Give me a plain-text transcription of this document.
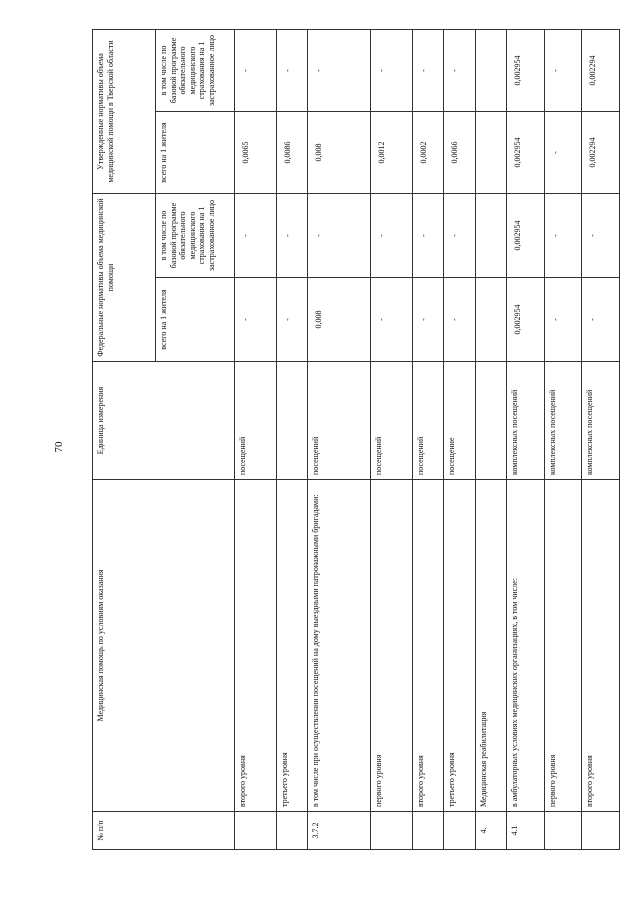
70
№ п/п	Медицинская помощь по условиям оказания	Единица измерения	Федеральные нормативы объема медицинской помощи		Утвержденные нормативы объема медицинской помощи в Тверской области	
			всего на 1 жителя	в том числе по базовой программе обязательного медицинского страхования на 1 застрахованное лицо	всего на 1 жителя	в том числе по базовой программе обязательного медицинского страхования на 1 застрахованное лицо
	второго уровня	посещений	-	-	0,0065	-
	третьего уровня		-	-	0,0086	-
3.7.2	в том числе при осуществлении посещений на дому выездными патронажными бригадами:	посещений	0,008	-	0,008	-
	первого уровня	посещений	-	-	0,0012	-
	второго уровня	посещений	-	-	0,0002	-
	третьего уровня	посещение	-	-	0,0066	-
4.	Медицинская реабилитация					
4.1	в амбулаторных условиях медицинских организациях, в том числе:	комплексных посещений	0,002954	0,002954	0,002954	0,002954
	первого уровня	комплексных посещений	-	-	-	-
	второго уровня	комплексных посещений	-	-	0,002294	0,002294
